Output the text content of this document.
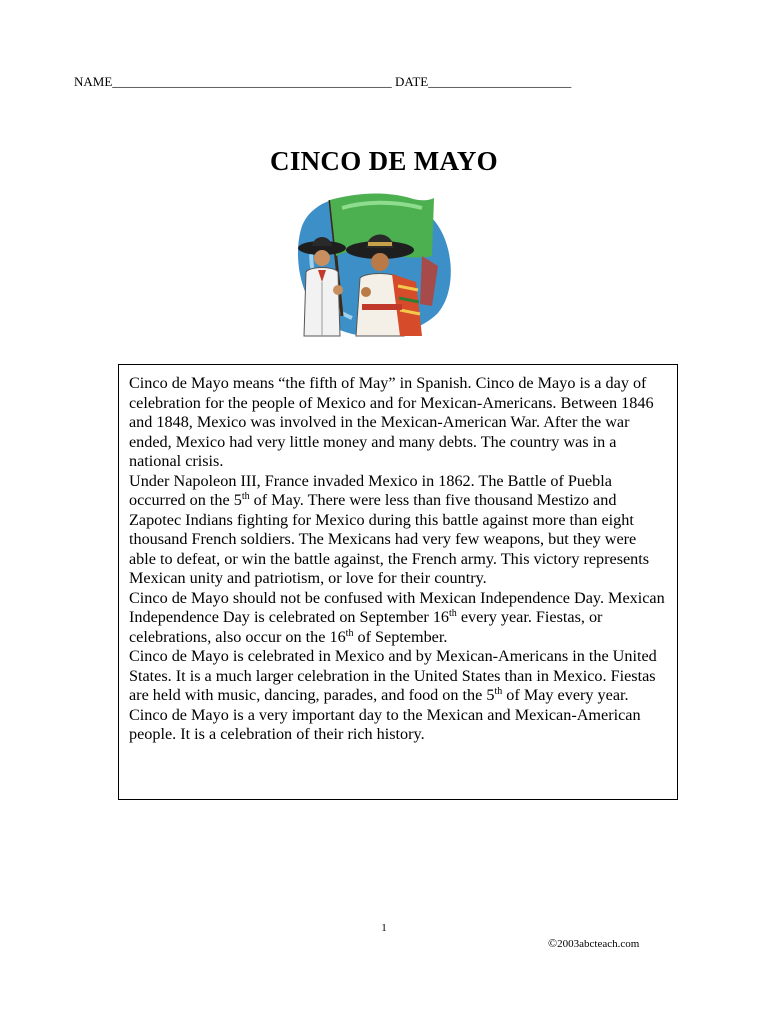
NAME___________________________________________ DATE______________________
CINCO DE MAYO

Cinco de Mayo means “the fifth of May” in Spanish. Cinco de Mayo is a day of celebration for the people of Mexico and for Mexican-Americans. Between 1846 and 1848, Mexico was involved in the Mexican-American War. After the war ended, Mexico had very little money and many debts. The country was in a national crisis.

Under Napoleon III, France invaded Mexico in 1862. The Battle of Puebla occurred on the 5th of May. There were less than five thousand Mestizo and Zapotec Indians fighting for Mexico during this battle against more than eight thousand French soldiers. The Mexicans had very few weapons, but they were able to defeat, or win the battle against, the French army. This victory represents Mexican unity and patriotism, or love for their country.

Cinco de Mayo should not be confused with Mexican Independence Day. Mexican Independence Day is celebrated on September 16th every year. Fiestas, or celebrations, also occur on the 16th of September.

Cinco de Mayo is celebrated in Mexico and by Mexican-Americans in the United States. It is a much larger celebration in the United States than in Mexico. Fiestas are held with music, dancing, parades, and food on the 5th of May every year. Cinco de Mayo is a very important day to the Mexican and Mexican-American people. It is a celebration of their rich history.

1
©2003abcteach.com
